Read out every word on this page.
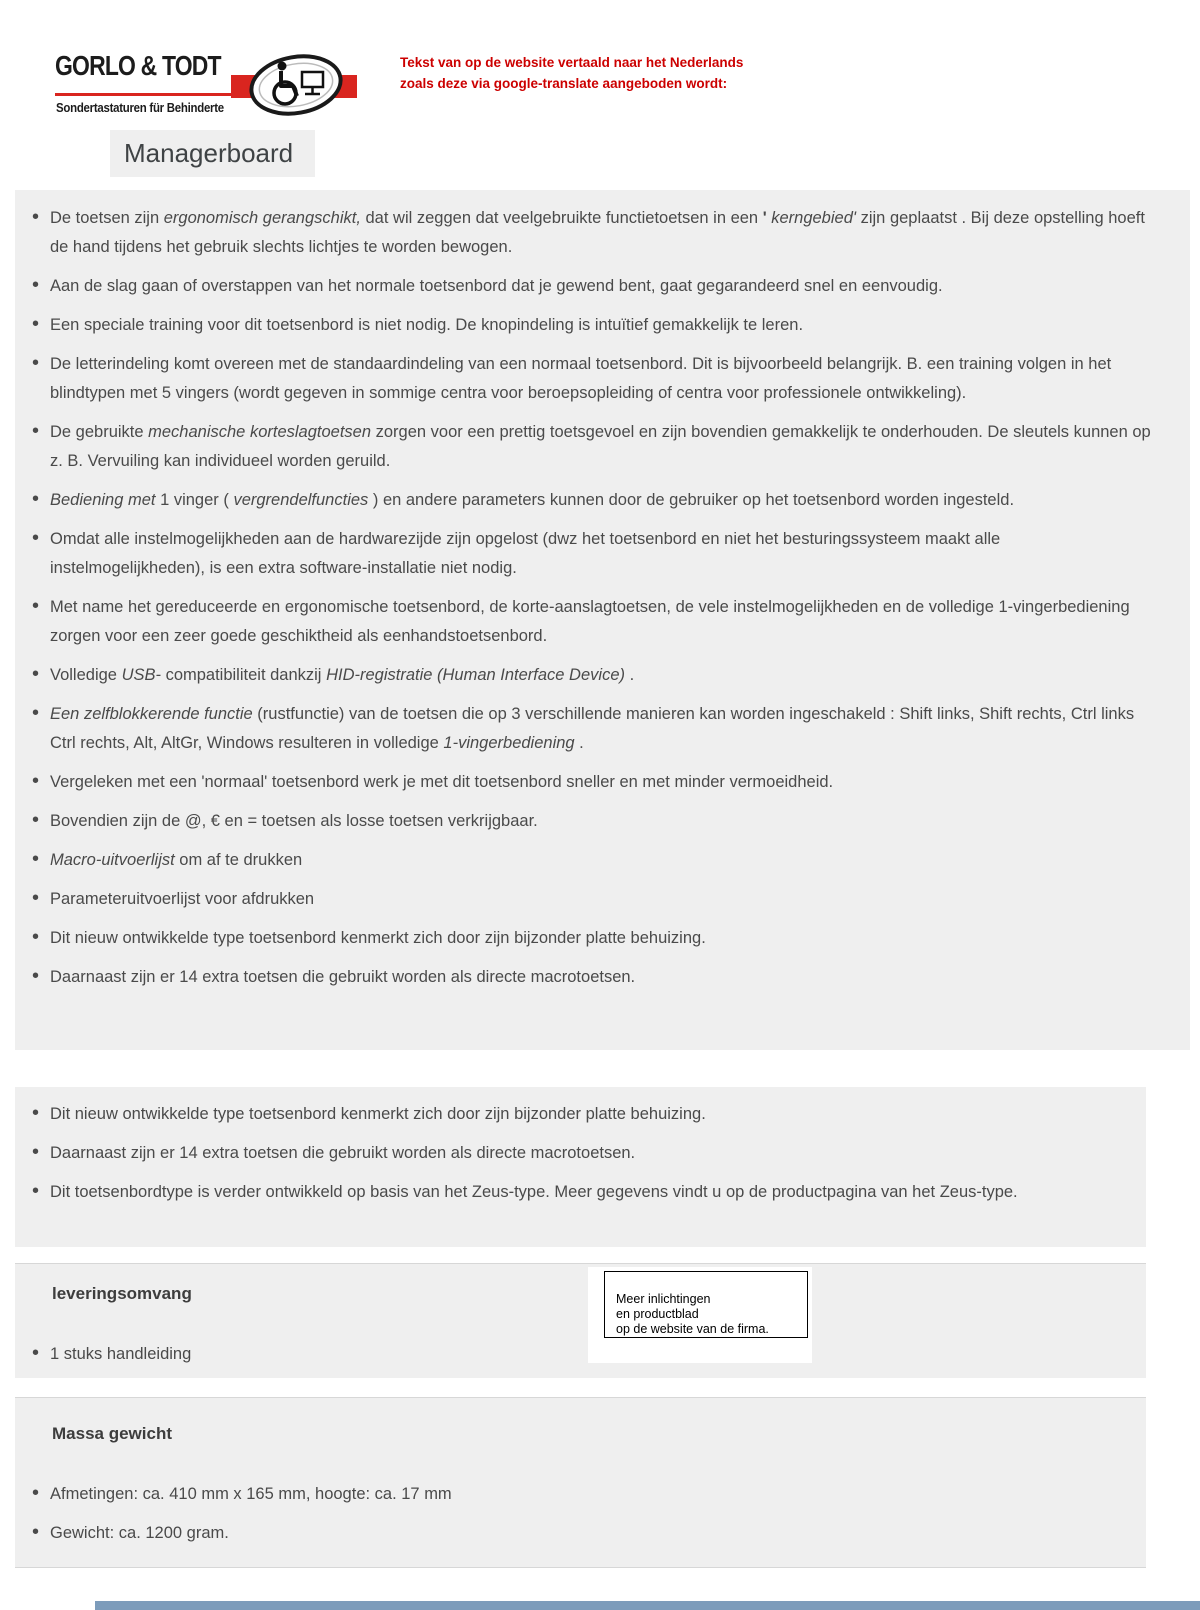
GORLO & TODT
Sondertastaturen für Behinderte
Tekst van op de website vertaald naar het Nederlands
zoals deze via google-translate aangeboden wordt:
Managerboard
• De toetsen zijn ergonomisch gerangschikt, dat wil zeggen dat veelgebruikte functietoetsen in een ' kerngebied' zijn geplaatst . Bij deze opstelling hoeft de hand tijdens het gebruik slechts lichtjes te worden bewogen.
• Aan de slag gaan of overstappen van het normale toetsenbord dat je gewend bent, gaat gegarandeerd snel en eenvoudig.
• Een speciale training voor dit toetsenbord is niet nodig. De knopindeling is intuïtief gemakkelijk te leren.
• De letterindeling komt overeen met de standaardindeling van een normaal toetsenbord. Dit is bijvoorbeeld belangrijk. B. een training volgen in het blindtypen met 5 vingers (wordt gegeven in sommige centra voor beroepsopleiding of centra voor professionele ontwikkeling).
• De gebruikte mechanische korteslagtoetsen zorgen voor een prettig toetsgevoel en zijn bovendien gemakkelijk te onderhouden. De sleutels kunnen op z. B. Vervuiling kan individueel worden geruild.
• Bediening met 1 vinger ( vergrendelfuncties ) en andere parameters kunnen door de gebruiker op het toetsenbord worden ingesteld.
• Omdat alle instelmogelijkheden aan de hardwarezijde zijn opgelost (dwz het toetsenbord en niet het besturingssysteem maakt alle instelmogelijkheden), is een extra software-installatie niet nodig.
• Met name het gereduceerde en ergonomische toetsenbord, de korte-aanslagtoetsen, de vele instelmogelijkheden en de volledige 1-vingerbediening zorgen voor een zeer goede geschiktheid als eenhandstoetsenbord.
• Volledige USB- compatibiliteit dankzij HID-registratie (Human Interface Device) .
• Een zelfblokkerende functie (rustfunctie) van de toetsen die op 3 verschillende manieren kan worden ingeschakeld : Shift links, Shift rechts, Ctrl links Ctrl rechts, Alt, AltGr, Windows resulteren in volledige 1-vingerbediening .
• Vergeleken met een 'normaal' toetsenbord werk je met dit toetsenbord sneller en met minder vermoeidheid.
• Bovendien zijn de @, € en = toetsen als losse toetsen verkrijgbaar.
• Macro-uitvoerlijst om af te drukken
• Parameteruitvoerlijst voor afdrukken
• Dit nieuw ontwikkelde type toetsenbord kenmerkt zich door zijn bijzonder platte behuizing.
• Daarnaast zijn er 14 extra toetsen die gebruikt worden als directe macrotoetsen.
• Dit nieuw ontwikkelde type toetsenbord kenmerkt zich door zijn bijzonder platte behuizing.
• Daarnaast zijn er 14 extra toetsen die gebruikt worden als directe macrotoetsen.
• Dit toetsenbordtype is verder ontwikkeld op basis van het Zeus-type. Meer gegevens vindt u op de productpagina van het Zeus-type.
leveringsomvang
• 1 stuks handleiding
Massa gewicht
• Afmetingen: ca. 410 mm x 165 mm, hoogte: ca. 17 mm
• Gewicht: ca. 1200 gram.
Meer inlichtingen
en productblad
op de website van de firma.
